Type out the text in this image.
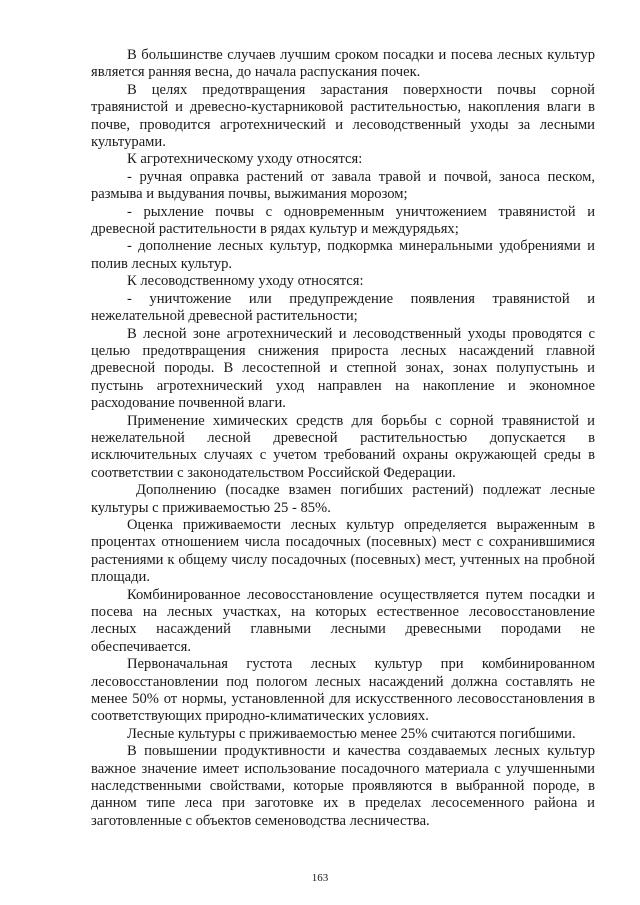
В большинстве случаев лучшим сроком посадки и посева лесных культур является ранняя весна, до начала распускания почек.

В целях предотвращения зарастания поверхности почвы сорной травянистой и древесно-кустарниковой растительностью, накопления влаги в почве, проводится агротехнический и лесоводственный уходы за лесными культурами.

К агротехническому уходу относятся:

- ручная оправка растений от завала травой и почвой, заноса песком, размыва и выдувания почвы, выжимания морозом;

- рыхление почвы с одновременным уничтожением травянистой и древесной растительности в рядах культур и междурядьях;

- дополнение лесных культур, подкормка минеральными удобрениями и полив лесных культур.

К лесоводственному уходу относятся:

- уничтожение или предупреждение появления травянистой и нежелательной древесной растительности;

В лесной зоне агротехнический и лесоводственный уходы проводятся с целью предотвращения снижения прироста лесных насаждений главной древесной породы. В лесостепной и степной зонах, зонах полупустынь и пустынь агротехнический уход направлен на накопление и экономное расходование почвенной влаги.

Применение химических средств для борьбы с сорной травянистой и нежелательной лесной древесной растительностью допускается в исключительных случаях с учетом требований охраны окружающей среды в соответствии с законодательством Российской Федерации.

Дополнению (посадке взамен погибших растений) подлежат лесные культуры с приживаемостью 25 - 85%.

Оценка приживаемости лесных культур определяется выраженным в процентах отношением числа посадочных (посевных) мест с сохранившимися растениями к общему числу посадочных (посевных) мест, учтенных на пробной площади.

Комбинированное лесовосстановление осуществляется путем посадки и посева на лесных участках, на которых естественное лесовосстановление лесных насаждений главными лесными древесными породами не обеспечивается.

Первоначальная густота лесных культур при комбинированном лесовосстановлении под пологом лесных насаждений должна составлять не менее 50% от нормы, установленной для искусственного лесовосстановления в соответствующих природно-климатических условиях.

Лесные культуры с приживаемостью менее 25% считаются погибшими.

В повышении продуктивности и качества создаваемых лесных культур важное значение имеет использование посадочного материала с улучшенными наследственными свойствами, которые проявляются в выбранной породе, в данном типе леса при заготовке их в пределах лесосеменного района и заготовленные с объектов семеноводства лесничества.

163
